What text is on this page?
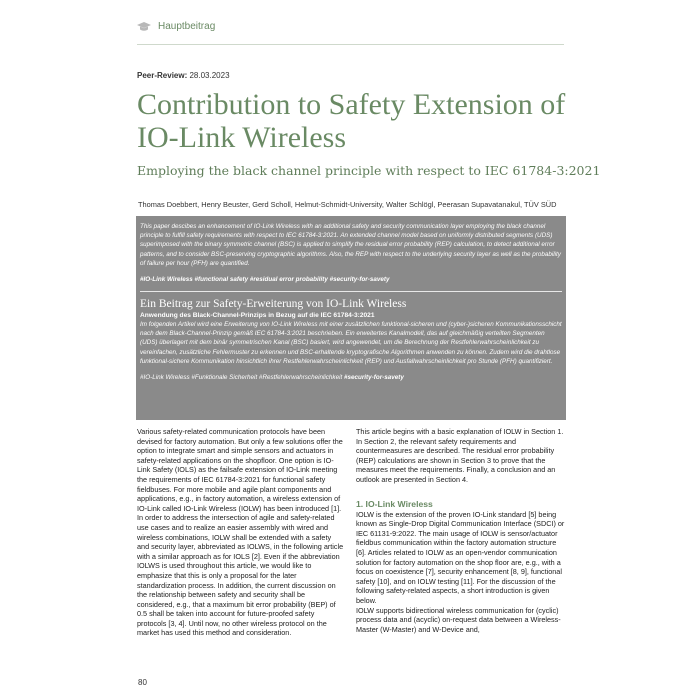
Hauptbeitrag
Peer-Review: 28.03.2023
Contribution to Safety Extension of IO-Link Wireless
Employing the black channel principle with respect to IEC 61784-3:2021
Thomas Doebbert, Henry Beuster, Gerd Scholl, Helmut-Schmidt-University, Walter Schlögl, Peerasan Supavatanakul, TÜV SÜD
This paper descibes an enhancement of IO-Link Wireless with an additional safety and security communication layer employing the black channel principle to fulfill safety requirements with respect to IEC 61784-3:2021. An extended channel model based on uniformly distributed segments (UDS) superimposed with the binary symmetric channel (BSC) is applied to simplify the residual error probability (REP) calculation, to detect additional error patterns, and to consider BSC-preserving cryptographic algorithms. Also, the REP with respect to the underlying security layer as well as the probability of failure per hour (PFH) are quantified.
#IO-Link Wireless #functional safety #residual error probability #security-for-savety
Ein Beitrag zur Safety-Erweiterung von IO-Link Wireless
Anwendung des Black-Channel-Prinzips in Bezug auf die IEC 61784-3:2021
Im folgenden Artikel wird eine Erweiterung von IO-Link Wireless mit einer zusätzlichen funktional-sicheren und (cyber-)sicheren Kommunikationsschicht nach dem Black-Channel-Prinzip gemäß IEC 61784-3:2021 beschrieben. Ein erweitertes Kanalmodell, das auf gleichmäßig verteilten Segmenten (UDS) überlagert mit dem binär symmetrischen Kanal (BSC) basiert, wird angewendet, um die Berechnung der Restfehlerwahrscheinlichkeit zu vereinfachen, zusätzliche Fehlermuster zu erkennen und BSC-erhaltende kryptografische Algorithmen anwenden zu können. Zudem wird die drahtlose funktional-sichere Kommunikation hinsichtlich ihrer Restfehlerwahrscheinlichkeit (REP) und Ausfallwahrscheinlichkeit pro Stunde (PFH) quantifiziert.
#IO-Link Wireless #Funktionale Sicherheit #Restfehlerwahrscheinlichkeit #security-for-savety

Various safety-related communication protocols have been devised for factory automation. But only a few solutions offer the option to integrate smart and simple sensors and actuators in safety-related applications on the shopfloor. One option is IO-Link Safety (IOLS) as the failsafe extension of IO-Link meeting the requirements of IEC 61784-3:2021 for functional safety fieldbuses. For more mobile and agile plant components and applications, e.g., in factory automation, a wireless extension of IO-Link called IO-Link Wireless (IOLW) has been introduced [1]. In order to address the intersection of agile and safety-related use cases and to realize an easier assembly with wired and wireless combinations, IOLW shall be extended with a safety and security layer, abbreviated as IOLWS, in the following article with a similar approach as for IOLS [2]. Even if the abbreviation IOLWS is used throughout this article, we would like to emphasize that this is only a proposal for the later standardization process. In addition, the current discussion on the relationship between safety and security shall be considered, e.g., that a maximum bit error probability (BEP) of 0.5 shall be taken into account for future-proofed safety protocols [3, 4]. Until now, no other wireless protocol on the market has used this method and consideration.

This article begins with a basic explanation of IOLW in Section 1. In Section 2, the relevant safety requirements and countermeasures are described. The residual error probability (REP) calculations are shown in Section 3 to prove that the measures meet the requirements. Finally, a conclusion and an outlook are presented in Section 4.

1. IO-Link Wireless

IOLW is the extension of the proven IO-Link standard [5] being known as Single-Drop Digital Communication Interface (SDCI) or IEC 61131-9:2022. The main usage of IOLW is sensor/actuator fieldbus communication within the factory automation structure [6]. Articles related to IOLW as an open-vendor communication solution for factory automation on the shop floor are, e.g., with a focus on coexistence [7], security enhancement [8, 9], functional safety [10], and on IOLW testing [11]. For the discussion of the following safety-related aspects, a short introduction is given below.

IOLW supports bidirectional wireless communication for (cyclic) process data and (acyclic) on-request data between a Wireless-Master (W-Master) and W-Device and,

80
